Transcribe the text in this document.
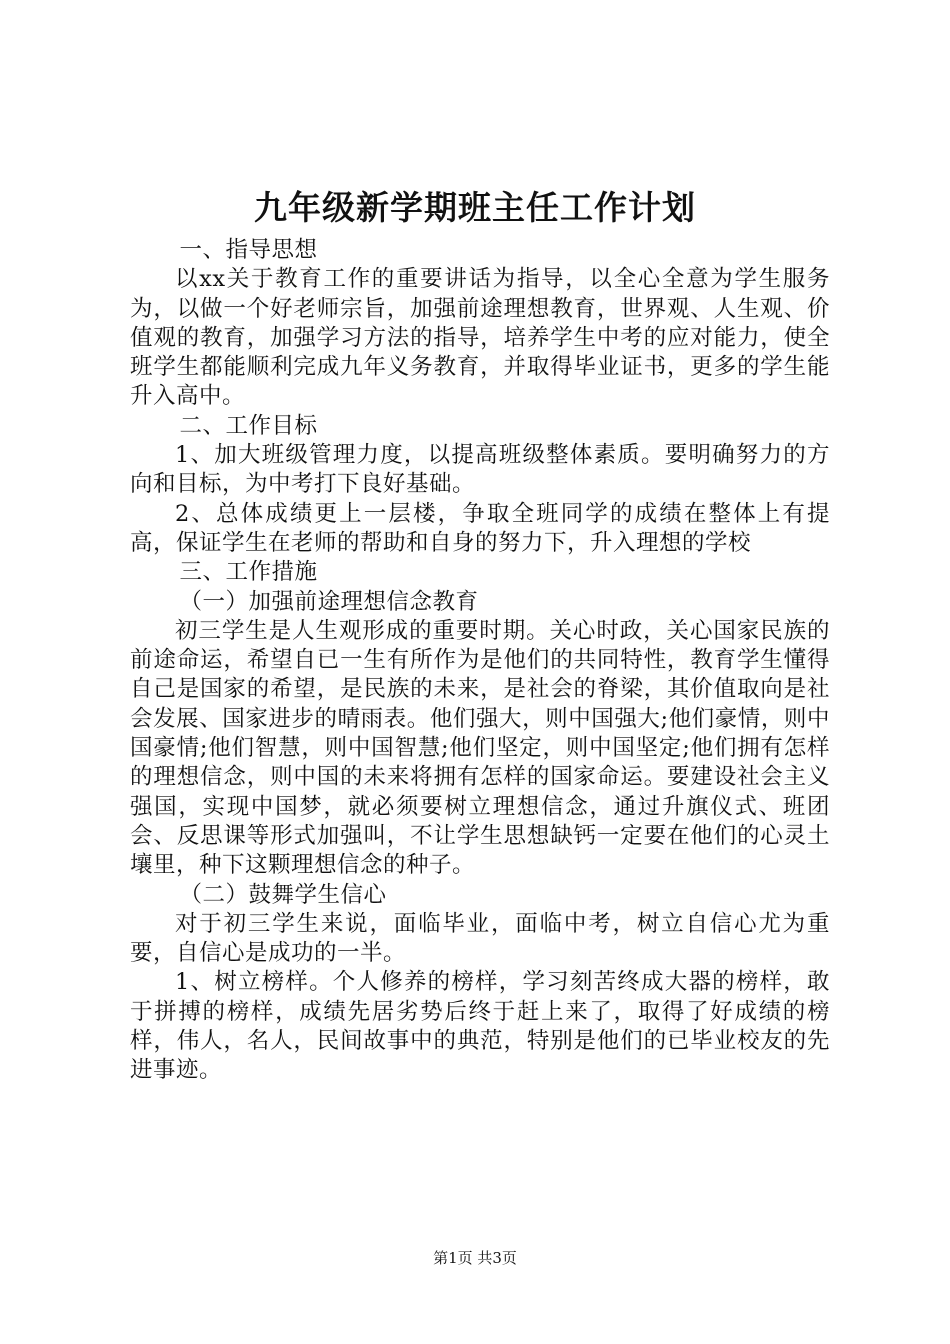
九年级新学期班主任工作计划

一、指导思想

以xx关于教育工作的重要讲话为指导，以全心全意为学生服务为，以做一个好老师宗旨，加强前途理想教育，世界观、人生观、价值观的教育，加强学习方法的指导，培养学生中考的应对能力，使全班学生都能顺利完成九年义务教育，并取得毕业证书，更多的学生能升入高中。

二、工作目标

1、加大班级管理力度，以提高班级整体素质。要明确努力的方向和目标，为中考打下良好基础。

2、总体成绩更上一层楼，争取全班同学的成绩在整体上有提高，保证学生在老师的帮助和自身的努力下，升入理想的学校

三、工作措施

（一）加强前途理想信念教育

初三学生是人生观形成的重要时期。关心时政，关心国家民族的前途命运，希望自已一生有所作为是他们的共同特性，教育学生懂得自己是国家的希望，是民族的未来，是社会的脊梁，其价值取向是社会发展、国家进步的晴雨表。他们强大，则中国强大;他们豪情，则中国豪情;他们智慧，则中国智慧;他们坚定，则中国坚定;他们拥有怎样的理想信念，则中国的未来将拥有怎样的国家命运。要建设社会主义强国，实现中国梦，就必须要树立理想信念，通过升旗仪式、班团会、反思课等形式加强叫，不让学生思想缺钙一定要在他们的心灵土壤里，种下这颗理想信念的种子。

（二）鼓舞学生信心

对于初三学生来说，面临毕业，面临中考，树立自信心尤为重要，自信心是成功的一半。

1、树立榜样。个人修养的榜样，学习刻苦终成大器的榜样，敢于拼搏的榜样，成绩先居劣势后终于赶上来了，取得了好成绩的榜样，伟人，名人，民间故事中的典范，特别是他们的已毕业校友的先进事迹。

第1页 共3页
